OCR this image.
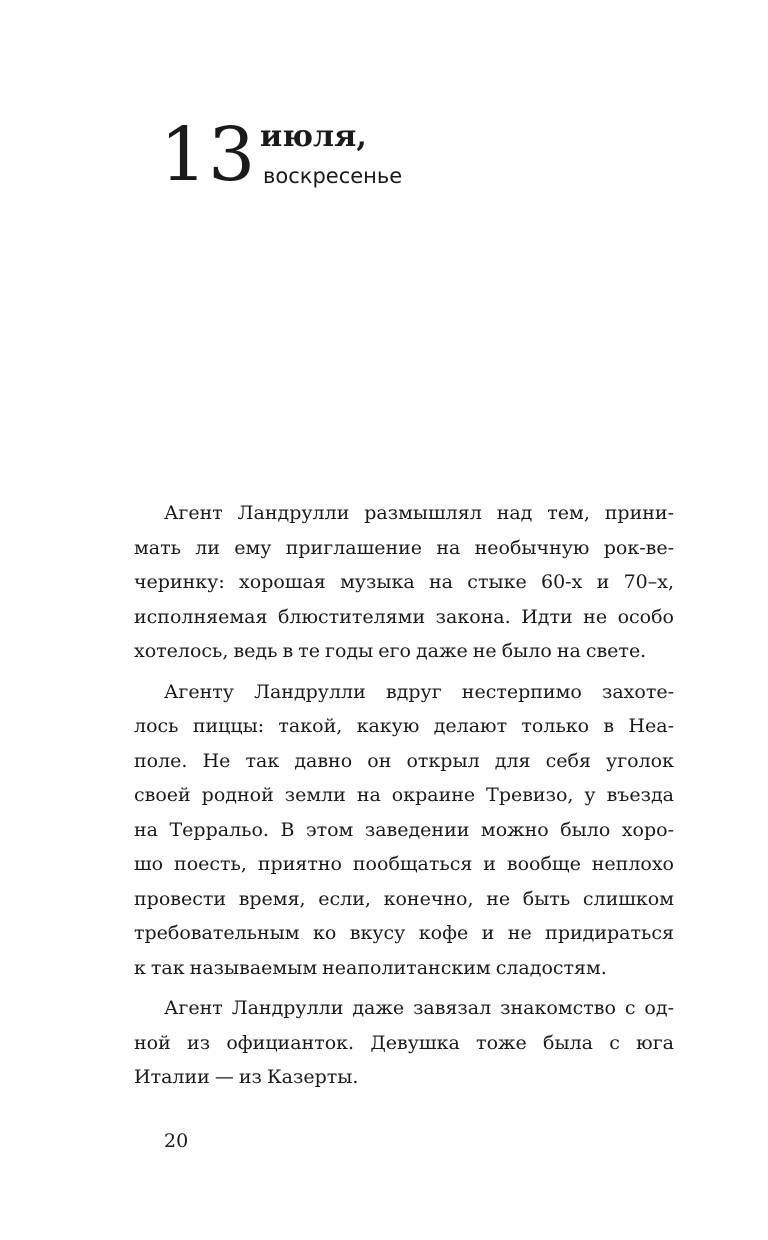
13 июля,
воскресенье
Агент Ландрулли размышлял над тем, прини-
мать ли ему приглашение на необычную рок-ве-
черинку: хорошая музыка на стыке 60-х и 70–х,
исполняемая блюстителями закона. Идти не особо
хотелось, ведь в те годы его даже не было на свете.
Агенту Ландрулли вдруг нестерпимо захоте-
лось пиццы: такой, какую делают только в Неа-
поле. Не так давно он открыл для себя уголок
своей родной земли на окраине Тревизо, у въезда
на Терральо. В этом заведении можно было хоро-
шо поесть, приятно пообщаться и вообще неплохо
провести время, если, конечно, не быть слишком
требовательным ко вкусу кофе и не придираться
к так называемым неаполитанским сладостям.
Агент Ландрулли даже завязал знакомство с од-
ной из официанток. Девушка тоже была с юга
Италии — из Казерты.
20
